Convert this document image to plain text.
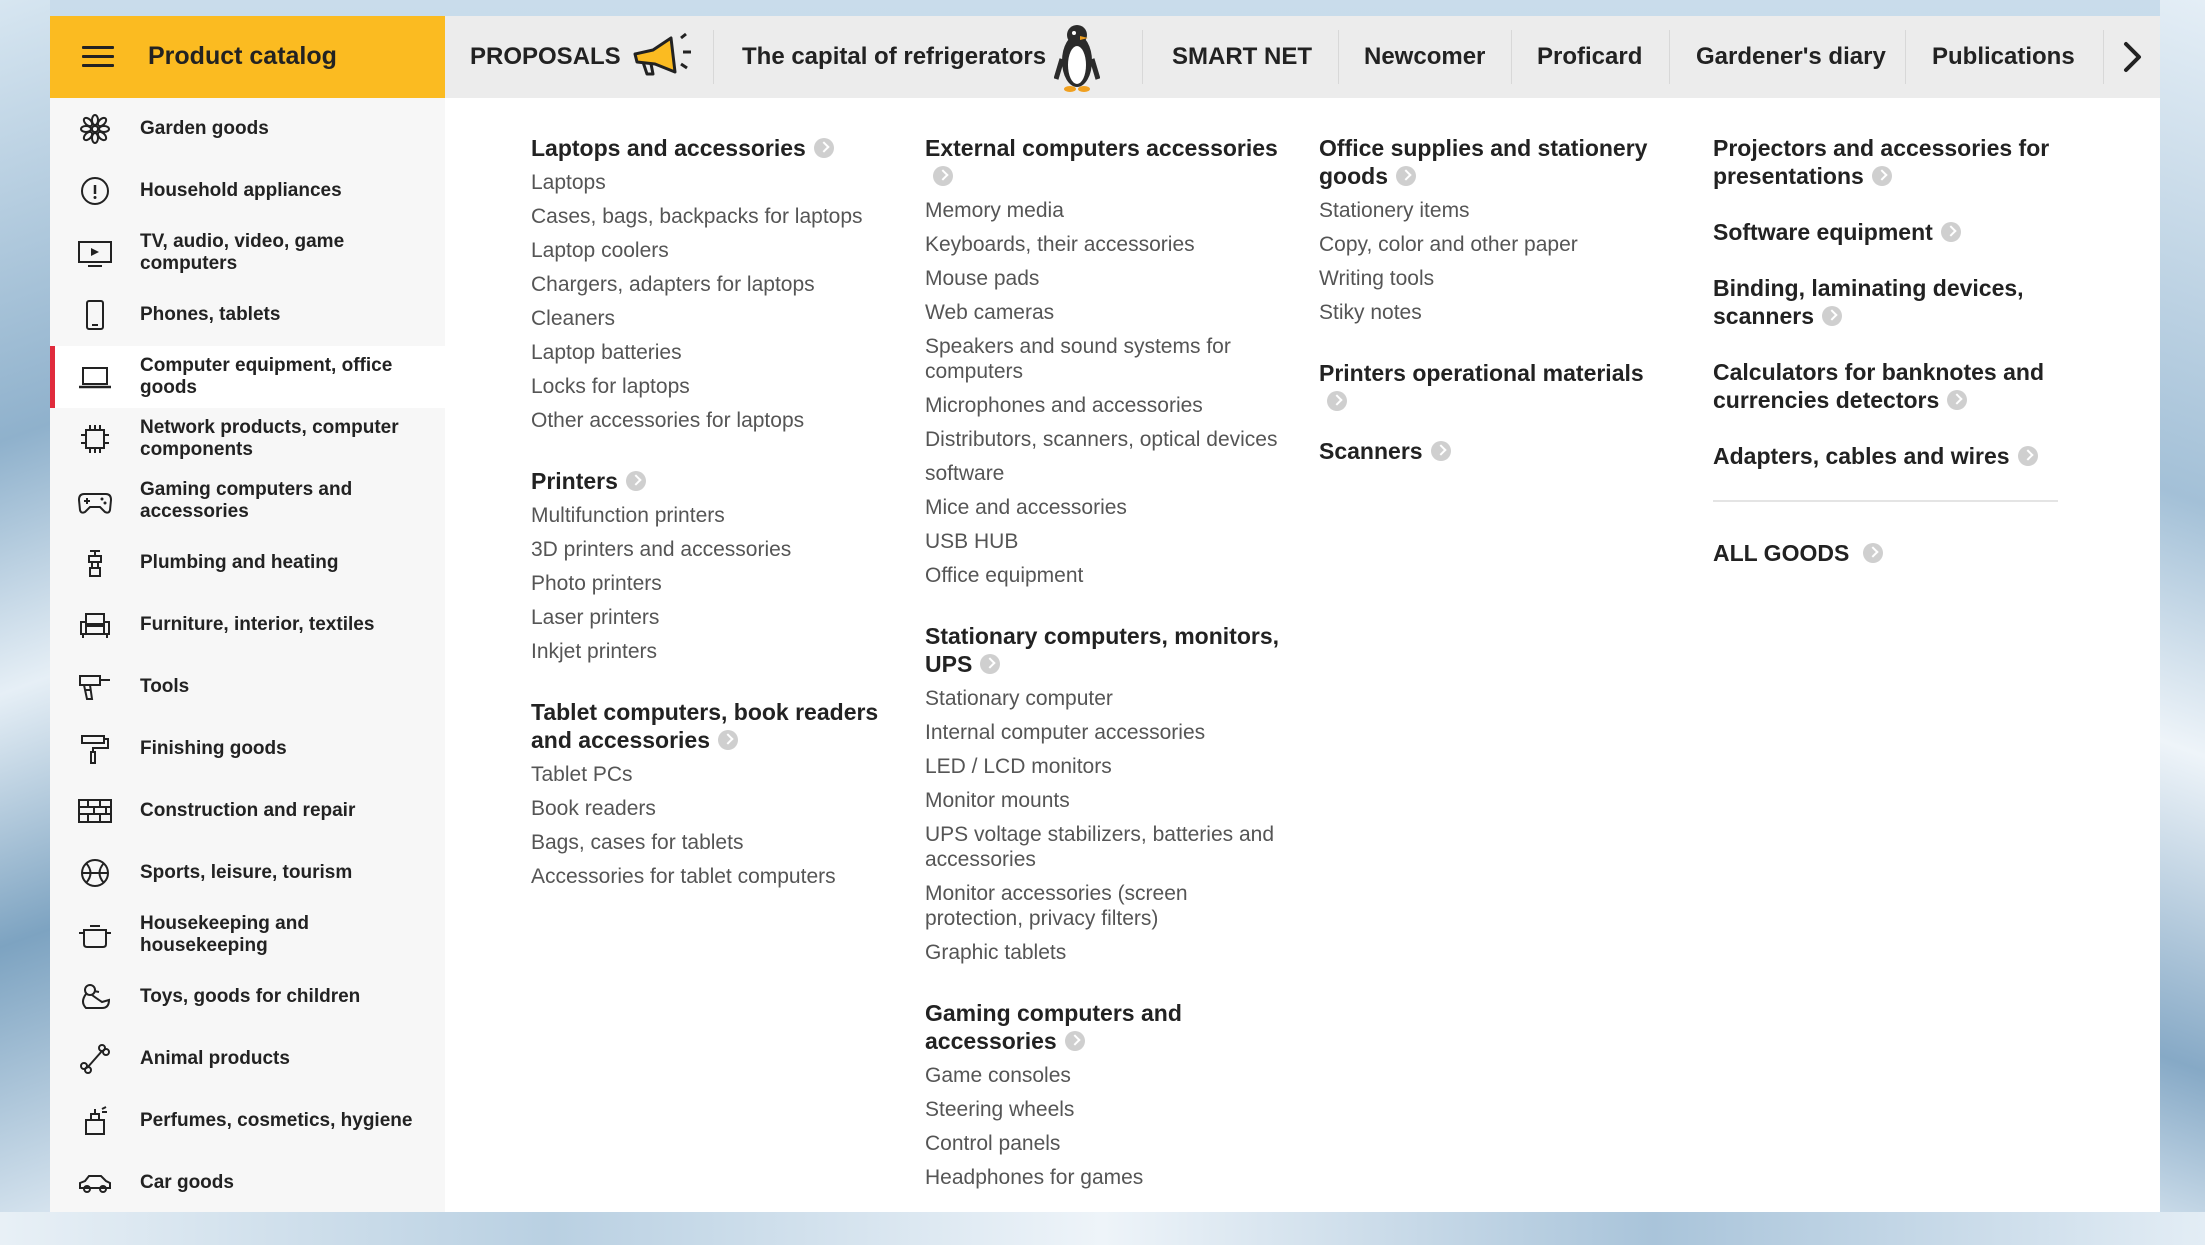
Product catalog	PROPOSALS	The capital of refrigerators	SMART NET Newcomer Proficard Gardener's diary Publications
Garden goods
Household appliances
TV, audio, video, game computers
Phones, tablets
Computer equipment, office goods
Network products, computer components
Gaming computers and accessories
Plumbing and heating
Furniture, interior, textiles
Tools
Finishing goods
Construction and repair
Sports, leisure, tourism
Housekeeping and housekeeping
Toys, goods for children
Animal products
Perfumes, cosmetics, hygiene
Car goods
Laptops and accessories
Laptops
Cases, bags, backpacks for laptops
Laptop coolers
Chargers, adapters for laptops
Cleaners
Laptop batteries
Locks for laptops
Other accessories for laptops
Printers
Multifunction printers
3D printers and accessories
Photo printers
Laser printers
Inkjet printers
Tablet computers, book readers and accessories
Tablet PCs
Book readers
Bags, cases for tablets
Accessories for tablet computers
External computers accessories
Memory media
Keyboards, their accessories
Mouse pads
Web cameras
Speakers and sound systems for computers
Microphones and accessories
Distributors, scanners, optical devices
software
Mice and accessories
USB HUB
Office equipment
Stationary computers, monitors, UPS
Stationary computer
Internal computer accessories
LED / LCD monitors
Monitor mounts
UPS voltage stabilizers, batteries and accessories
Monitor accessories (screen protection, privacy filters)
Graphic tablets
Gaming computers and accessories
Game consoles
Steering wheels
Control panels
Headphones for games
Office supplies and stationery goods
Stationery items
Copy, color and other paper
Writing tools
Stiky notes
Printers operational materials
Scanners
Projectors and accessories for presentations
Software equipment
Binding, laminating devices, scanners
Calculators for banknotes and currencies detectors
Adapters, cables and wires
ALL GOODS
